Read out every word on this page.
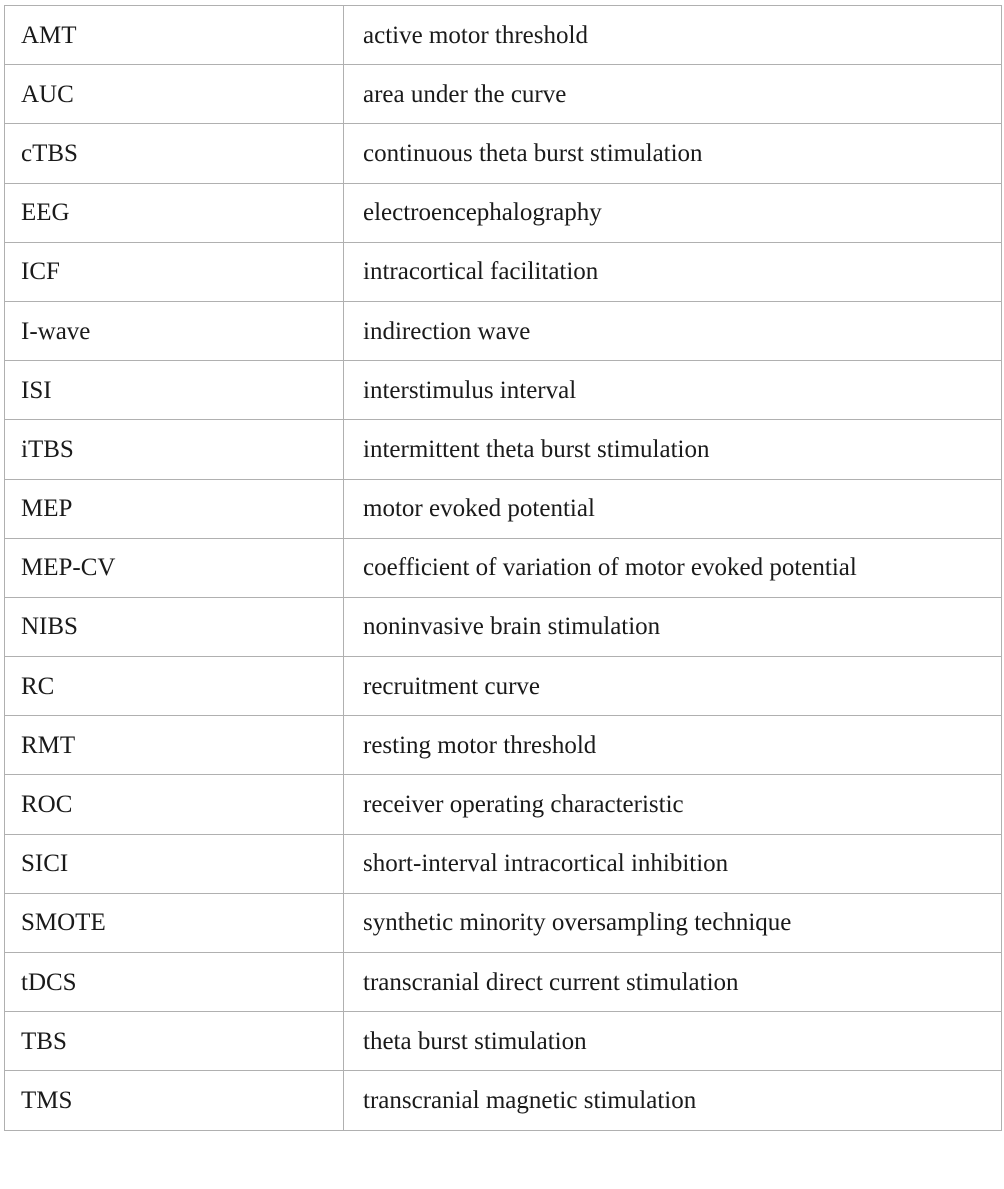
AMT	active motor threshold
AUC	area under the curve
cTBS	continuous theta burst stimulation
EEG	electroencephalography
ICF	intracortical facilitation
I-wave	indirection wave
ISI	interstimulus interval
iTBS	intermittent theta burst stimulation
MEP	motor evoked potential
MEP-CV	coefficient of variation of motor evoked potential
NIBS	noninvasive brain stimulation
RC	recruitment curve
RMT	resting motor threshold
ROC	receiver operating characteristic
SICI	short-interval intracortical inhibition
SMOTE	synthetic minority oversampling technique
tDCS	transcranial direct current stimulation
TBS	theta burst stimulation
TMS	transcranial magnetic stimulation
